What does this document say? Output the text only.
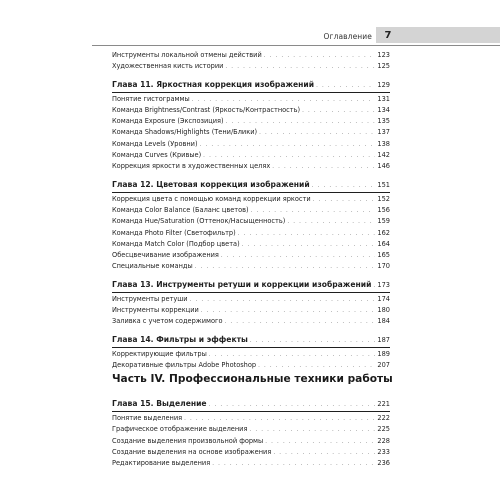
Оглавление 7
Инструменты локальной отмены действий . . .	123
Художественная кисть истории . . .	125
Глава 11. Яркостная коррекция изображений . . .	129
Понятие гистограммы . . .	131
Команда Brightness/Contrast (Яркость/Контрастность) . . .	134
Команда Exposure (Экспозиция) . . .	135
Команда Shadows/Highlights (Тени/Блики) . . .	137
Команда Levels (Уровни) . . .	138
Команда Curves (Кривые) . . .	142
Коррекция яркости в художественных целях . . .	146
Глава 12. Цветовая коррекция изображений . . .	151
Коррекция цвета с помощью команд коррекции яркости . . .	152
Команда Color Balance (Баланс цветов) . . .	156
Команда Hue/Saturation (Оттенок/Насыщенность) . . .	159
Команда Photo Filter (Светофильтр) . . .	162
Команда Match Color (Подбор цвета) . . .	164
Обесцвечивание изображения . . .	165
Специальные команды . . .	170
Глава 13. Инструменты ретуши и коррекции изображений . . . 173
Инструменты ретуши . . .	174
Инструменты коррекции . . .	180
Заливка с учетом содержимого . . .	184
Глава 14. Фильтры и эффекты . . .	187
Корректирующие фильтры . . .	189
Декоративные фильтры Adobe Photoshop . . .	207
Часть IV. Профессиональные техники работы
Глава 15. Выделение . . .	221
Понятие выделения . . .	222
Графическое отображение выделения . . .	225
Создание выделения произвольной формы . . .	228
Создание выделения на основе изображения . . .	233
Редактирование выделения . . .	236
